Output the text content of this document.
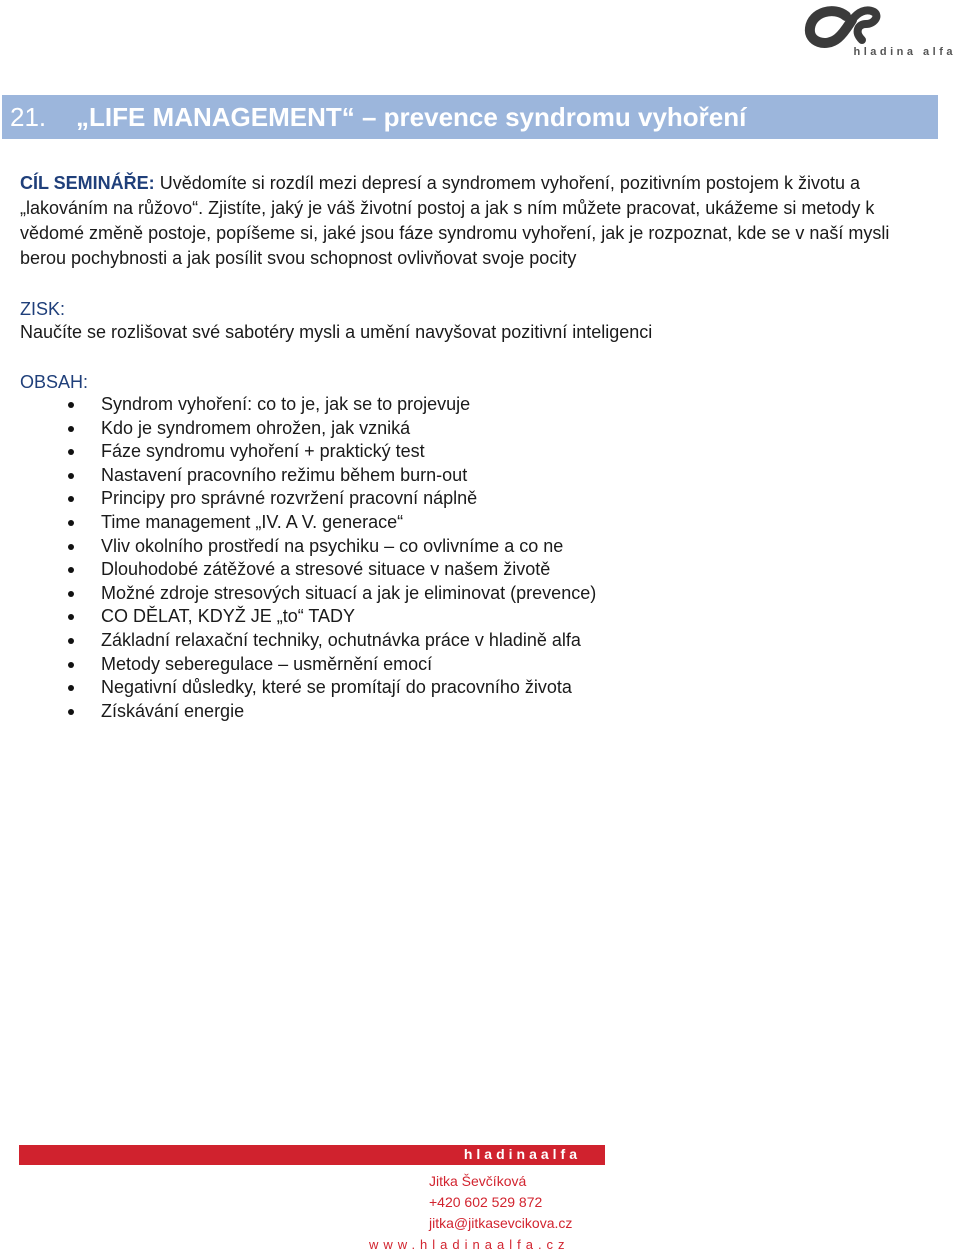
hladina alfa
21.	„LIFE MANAGEMENT“ – prevence syndromu vyhoření
CÍL SEMINÁŘE: Uvědomíte si rozdíl mezi depresí a syndromem vyhoření, pozitivním postojem k životu a „lakováním na růžovo“. Zjistíte, jaký je váš životní postoj a jak s ním můžete pracovat, ukážeme si metody k vědomé změně postoje, popíšeme si, jaké jsou fáze syndromu vyhoření, jak je rozpoznat, kde se v naší mysli berou pochybnosti a jak posílit svou schopnost ovlivňovat svoje pocity
ZISK:
Naučíte se rozlišovat své sabotéry mysli a umění navyšovat pozitivní inteligenci
OBSAH:
Syndrom vyhoření: co to je, jak se to projevuje
Kdo je syndromem ohrožen, jak vzniká
Fáze syndromu vyhoření + praktický test
Nastavení pracovního režimu během burn-out
Principy pro správné rozvržení pracovní náplně
Time management „IV. A V. generace“
Vliv okolního prostředí na psychiku – co ovlivníme a co ne
Dlouhodobé zátěžové a stresové situace v našem životě
Možné zdroje stresových situací a jak je eliminovat (prevence)
CO DĚLAT, KDYŽ JE „to“ TADY
Základní relaxační techniky, ochutnávka práce v hladině alfa
Metody seberegulace – usměrnění emocí
Negativní důsledky, které se promítají do pracovního života
Získávání energie
hladinaalfa
Jitka Ševčíková
+420 602 529 872
jitka@jitkasevcikova.cz
www.hladinaalfa.cz
